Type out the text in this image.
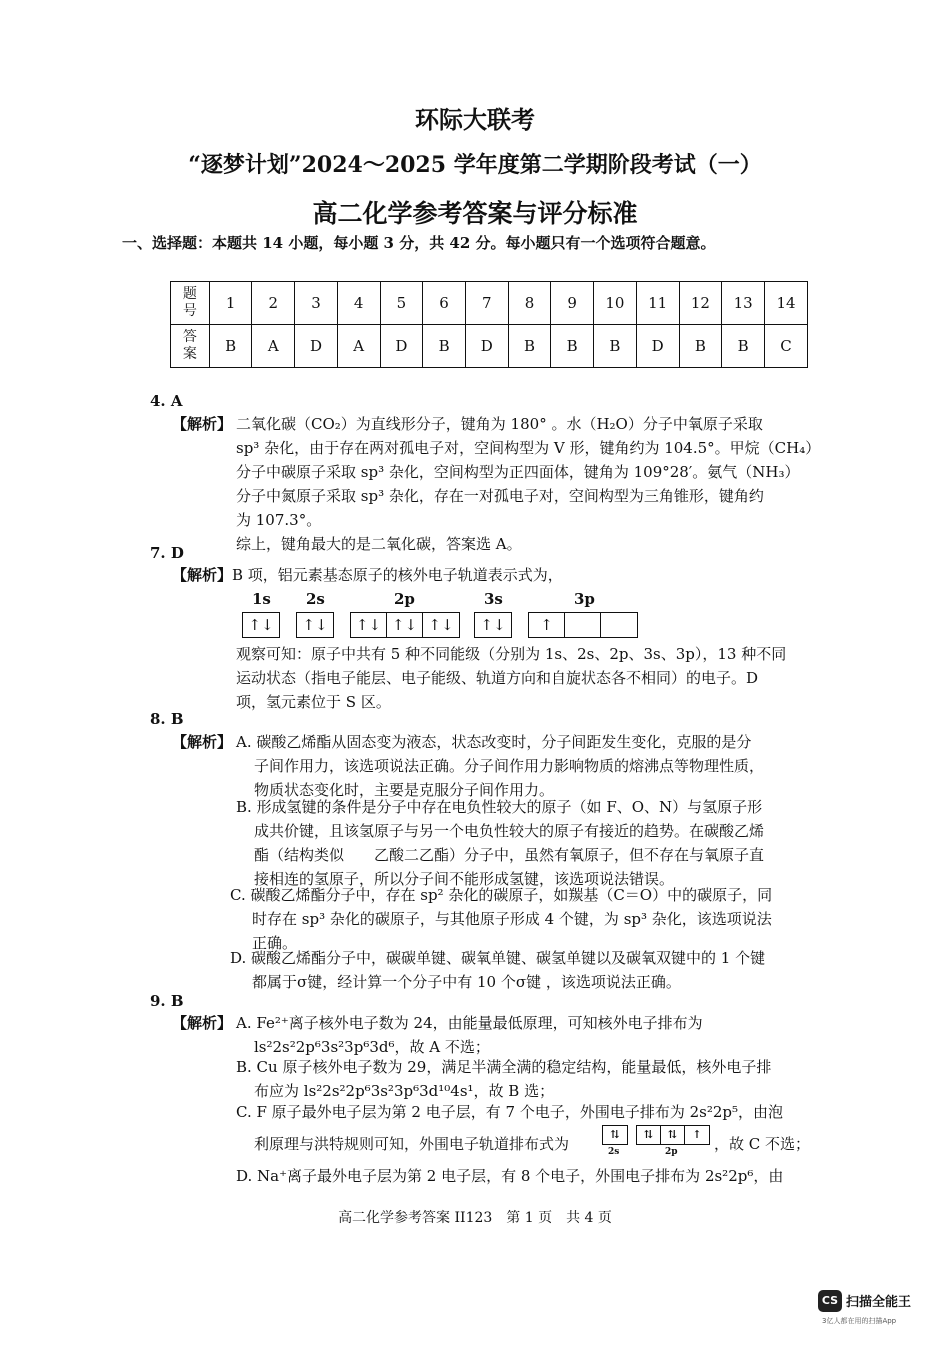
环际大联考
“逐梦计划”2024～2025 学年度第二学期阶段考试（一）
高二化学参考答案与评分标准
一、选择题：本题共 14 小题，每小题 3 分，共 42 分。每小题只有一个选项符合题意。
题
号	1	2	3	4	5	6	7	8	9	10	11	12	13	14
答
案	B	A	D	A	D	B	D	B	B	B	D	B	B	C
4. A
【解析】 二氧化碳（CO₂）为直线形分子，键角为 180° 。水（H₂O）分子中氧原子采取
sp³ 杂化，由于存在两对孤电子对，空间构型为 V 形，键角约为 104.5°。甲烷（CH₄）
分子中碳原子采取 sp³ 杂化，空间构型为正四面体，键角为 109°28′。氨气（NH₃）
分子中氮原子采取 sp³ 杂化，存在一对孤电子对，空间构型为三角锥形，键角约
为 107.3°。
综上，键角最大的是二氧化碳，答案选 A。
7. D
【解析】B 项，铝元素基态原子的核外电子轨道表示式为，
1s 2s	2p	3s	3p
↑↓	↑↓	↑↓ ↑↓ ↑↓	↑↓	↑
观察可知：原子中共有 5 种不同能级（分别为 1s、2s、2p、3s、3p），13 种不同
运动状态（指电子能层、电子能级、轨道方向和自旋状态各不相同）的电子。D
项，氢元素位于 S 区。
8. B
【解析】 A. 碳酸乙烯酯从固态变为液态，状态改变时，分子间距发生变化，克服的是分
子间作用力，该选项说法正确。分子间作用力影响物质的熔沸点等物理性质，
物质状态变化时，主要是克服分子间作用力。
B. 形成氢键的条件是分子中存在电负性较大的原子（如 F、O、N）与氢原子形
成共价键，且该氢原子与另一个电负性较大的原子有接近的趋势。在碳酸乙烯
酯（结构类似　　乙酸二乙酯）分子中，虽然有氧原子，但不存在与氧原子直
接相连的氢原子，所以分子间不能形成氢键，该选项说法错误。
C. 碳酸乙烯酯分子中，存在 sp² 杂化的碳原子，如羰基（C＝O）中的碳原子，同
时存在 sp³ 杂化的碳原子，与其他原子形成 4 个键，为 sp³ 杂化，该选项说法
正确。
D. 碳酸乙烯酯分子中，碳碳单键、碳氧单键、碳氢单键以及碳氧双键中的 1 个键
都属于σ键，经计算一个分子中有 10 个σ键 ，该选项说法正确。
9. B
【解析】 A. Fe²⁺离子核外电子数为 24，由能量最低原理，可知核外电子排布为
ls²2s²2p⁶3s²3p⁶3d⁶，故 A 不选；
B. Cu 原子核外电子数为 29，满足半满全满的稳定结构，能量最低，核外电子排
布应为 ls²2s²2p⁶3s²3p⁶3d¹⁰4s¹，故 B 选；
C. F 原子最外电子层为第 2 电子层，有 7 个电子，外围电子排布为 2s²2p⁵，由泡
利原理与洪特规则可知，外围电子轨道排布式为
⇅	⇅	⇅	↑
2s	2p ，故 C 不选；
D. Na⁺离子最外电子层为第 2 电子层，有 8 个电子，外围电子排布为 2s²2p⁶，由
高二化学参考答案 II123　第 1 页　共 4 页
CS 扫描全能王
3亿人都在用的扫描App
